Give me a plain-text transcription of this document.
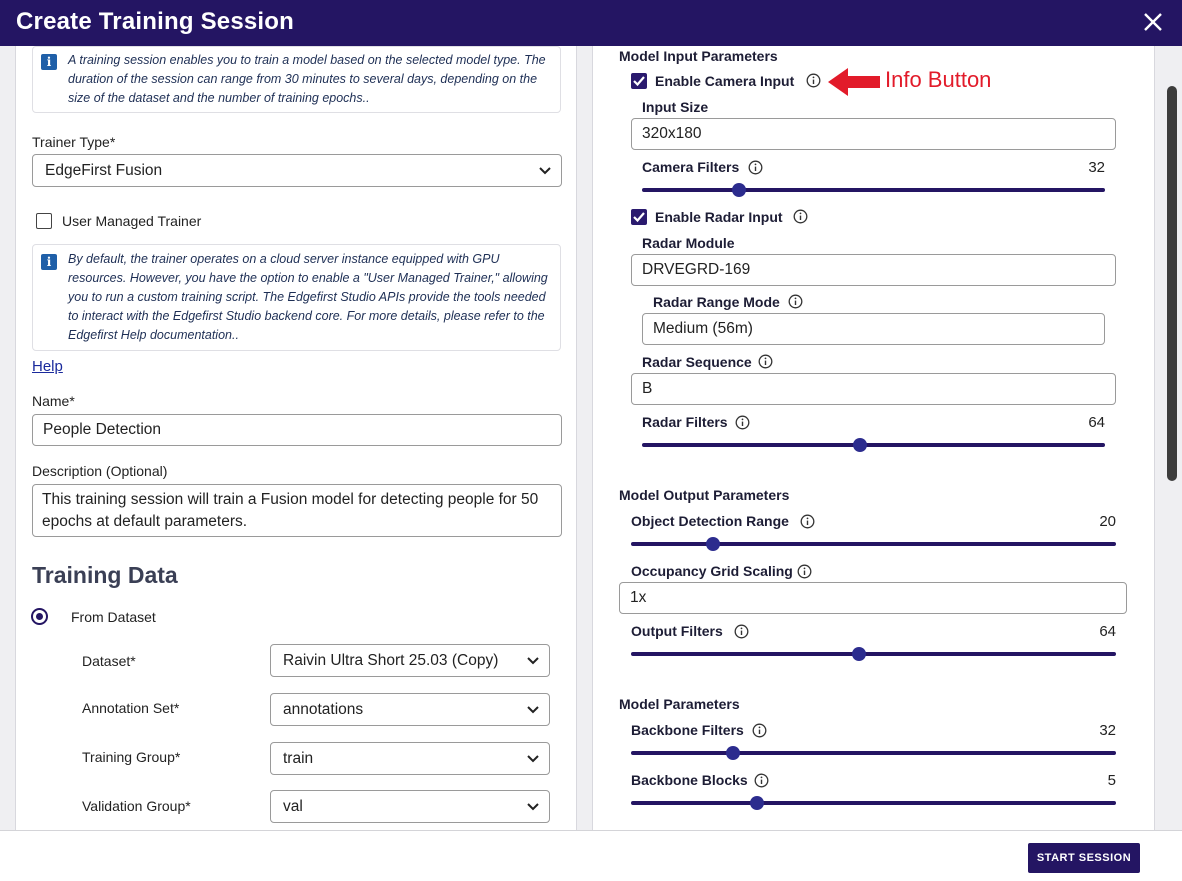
Create Training Session
i	A training session enables you to train a model based on the selected model type. The duration of the session can range from 30 minutes to several days, depending on the size of the dataset and the number of training epochs..
Trainer Type*
EdgeFirst Fusion
User Managed Trainer
i	By default, the trainer operates on a cloud server instance equipped with GPU resources. However, you have the option to enable a "User Managed Trainer," allowing you to run a custom training script. The Edgefirst Studio APIs provide the tools needed to interact with the Edgefirst Studio backend core. For more details, please refer to the Edgefirst Help documentation..
Help
Name*
People Detection
Description (Optional)
This training session will train a Fusion model for detecting people for 50 epochs at default parameters.
Training Data
From Dataset
Dataset*	Raivin Ultra Short 25.03 (Copy)
Annotation Set*	annotations
Training Group*	train
Validation Group*	val
Model Input Parameters
Enable Camera Input	Info Button
Input Size
320x180
Camera Filters	32
Enable Radar Input
Radar Module
DRVEGRD-169
Radar Range Mode
Medium (56m)
Radar Sequence
B
Radar Filters	64
Model Output Parameters
Object Detection Range	20
Occupancy Grid Scaling
1x
Output Filters	64
Model Parameters
Backbone Filters	32
Backbone Blocks	5
START SESSION
